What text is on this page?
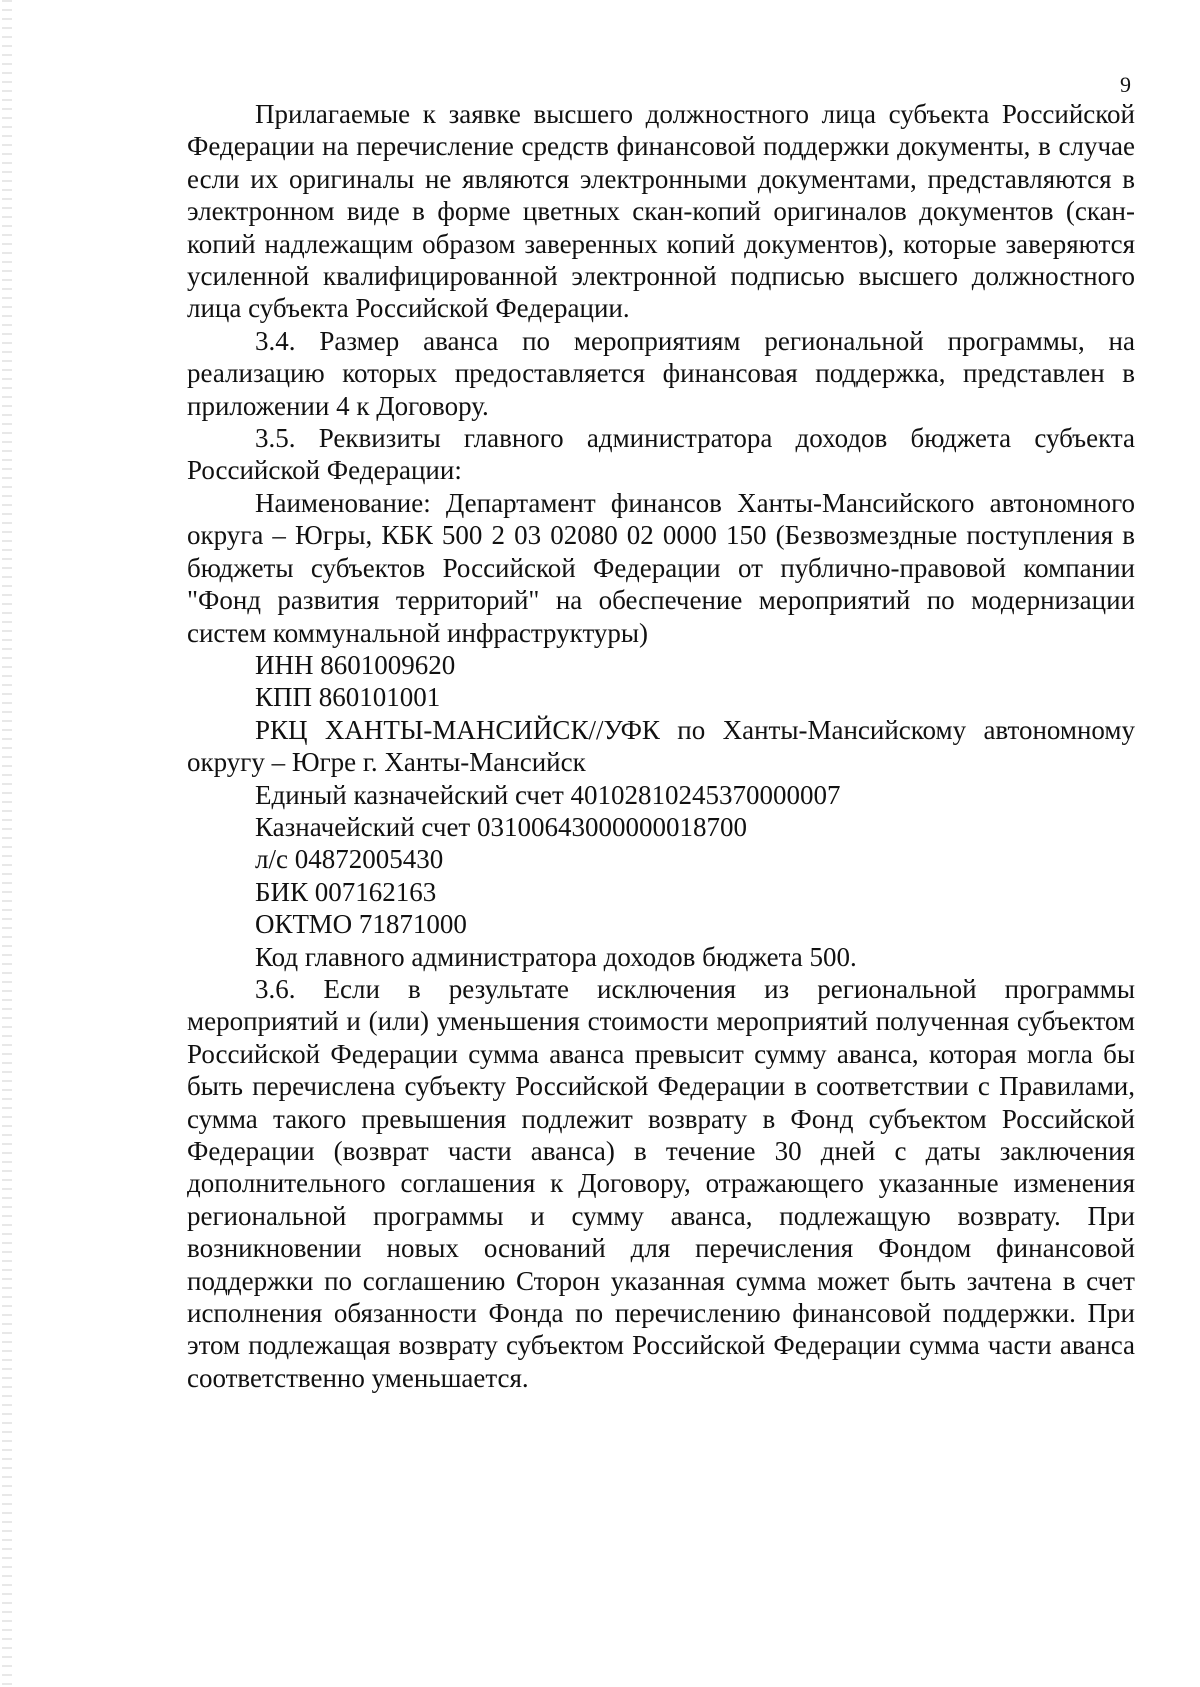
9

Прилагаемые к заявке высшего должностного лица субъекта Российской Федерации на перечисление средств финансовой поддержки документы, в случае если их оригиналы не являются электронными документами, представляются в электронном виде в форме цветных скан-копий оригиналов документов (скан-копий надлежащим образом заверенных копий документов), которые заверяются усиленной квалифицированной электронной подписью высшего должностного лица субъекта Российской Федерации.

3.4. Размер аванса по мероприятиям региональной программы, на реализацию которых предоставляется финансовая поддержка, представлен в приложении 4 к Договору.

3.5. Реквизиты главного администратора доходов бюджета субъекта Российской Федерации:

Наименование: Департамент финансов Ханты-Мансийского автономного округа – Югры, КБК 500 2 03 02080 02 0000 150 (Безвозмездные поступления в бюджеты субъектов Российской Федерации от публично-правовой компании "Фонд развития территорий" на обеспечение мероприятий по модернизации систем коммунальной инфраструктуры)

ИНН 8601009620

КПП 860101001

РКЦ ХАНТЫ-МАНСИЙСК//УФК по Ханты-Мансийскому автономному округу – Югре г. Ханты-Мансийск

Единый казначейский счет 40102810245370000007

Казначейский счет 03100643000000018700

л/с 04872005430

БИК 007162163

ОКТМО 71871000

Код главного администратора доходов бюджета 500.

3.6. Если в результате исключения из региональной программы мероприятий и (или) уменьшения стоимости мероприятий полученная субъектом Российской Федерации сумма аванса превысит сумму аванса, которая могла бы быть перечислена субъекту Российской Федерации в соответствии с Правилами, сумма такого превышения подлежит возврату в Фонд субъектом Российской Федерации (возврат части аванса) в течение 30 дней с даты заключения дополнительного соглашения к Договору, отражающего указанные изменения региональной программы и сумму аванса, подлежащую возврату. При возникновении новых оснований для перечисления Фондом финансовой поддержки по соглашению Сторон указанная сумма может быть зачтена в счет исполнения обязанности Фонда по перечислению финансовой поддержки. При этом подлежащая возврату субъектом Российской Федерации сумма части аванса соответственно уменьшается.
